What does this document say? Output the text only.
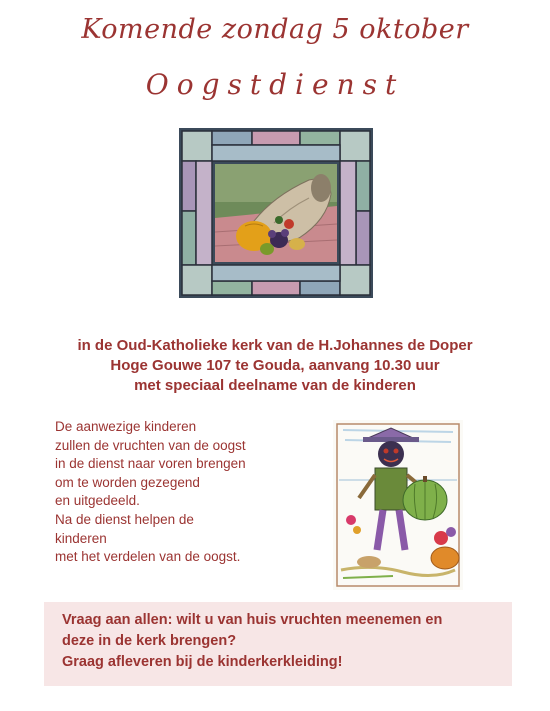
Komende zondag 5 oktober
Oogstdienst
in de Oud-Katholieke kerk van de H.Johannes de Doper
Hoge Gouwe 107 te Gouda, aanvang 10.30 uur
met speciaal deelname van de kinderen
De aanwezige kinderen
zullen de vruchten van de oogst
in de dienst naar voren brengen
om te worden gezegend
en uitgedeeld.
Na de dienst helpen de
kinderen
met het verdelen van de oogst.
Vraag aan allen: wilt u van huis vruchten meenemen en
deze in de kerk brengen?
Graag afleveren bij de kinderkerkleiding!
